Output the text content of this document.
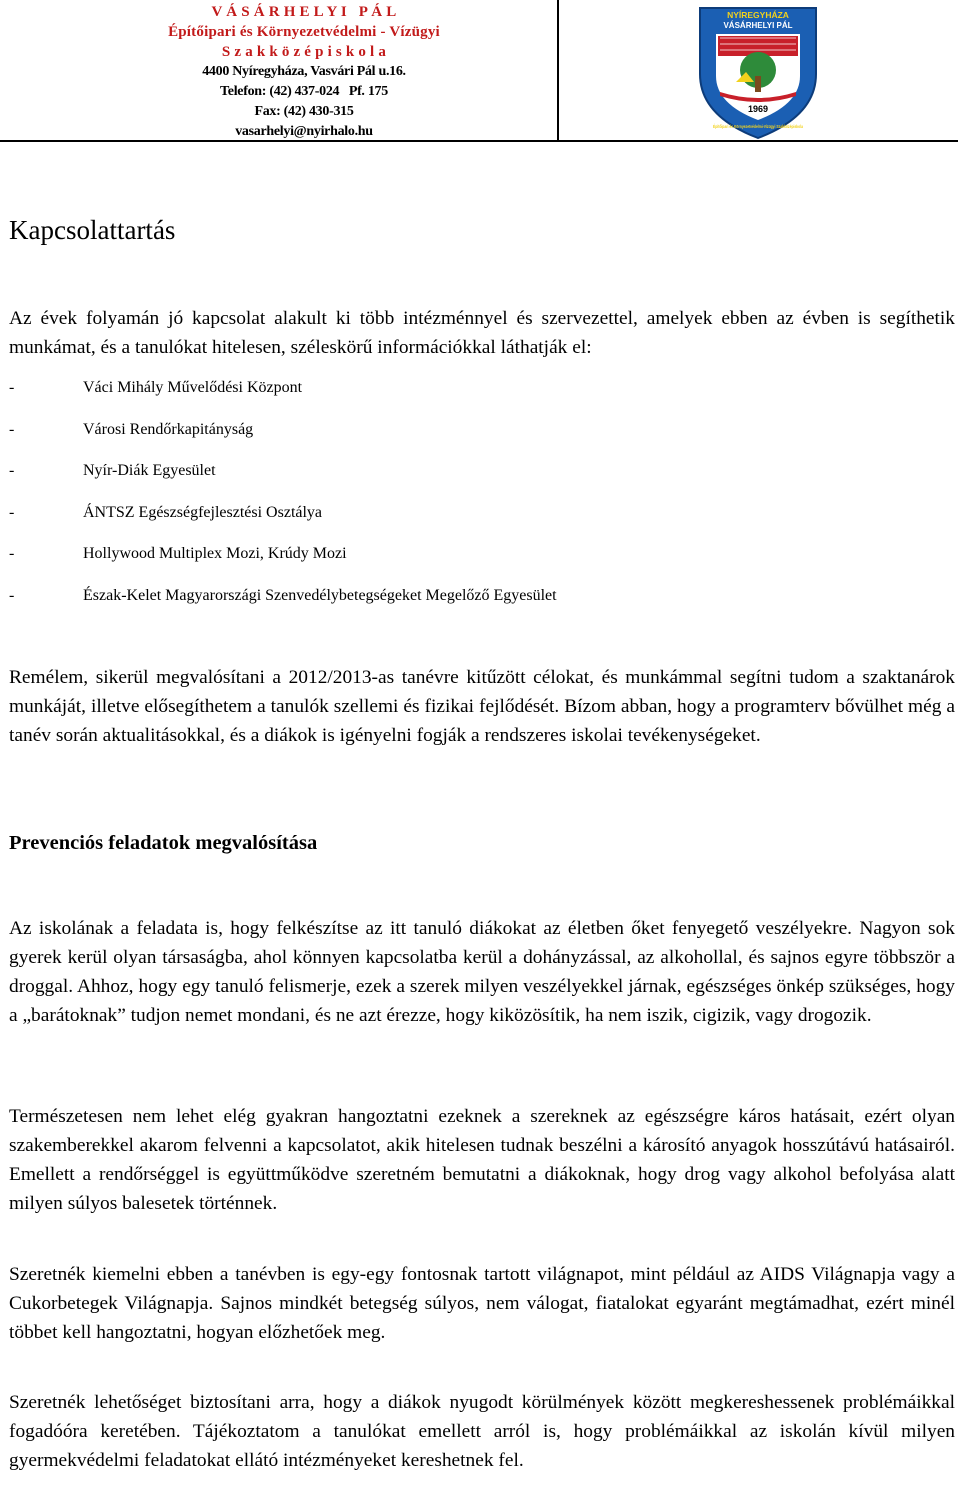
V Á S Á R H E L Y I   P Á L
Építőipari és Környezetvédelmi - Vízügyi
S z a k k ö z é p i s k o l a
4400 Nyíregyháza, Vasvári Pál u.16.
Telefon: (42) 437-024   Pf. 175
Fax: (42) 430-315
vasarhelyi@nyirhalo.hu
NYÍREGYHÁZA
VÁSÁRHELYI PÁL
1969
Építőipari és Környezetvédelmi-Vízügyi Szakközépiskola
Kapcsolattartás
Az évek folyamán jó kapcsolat alakult ki több intézménnyel és szervezettel, amelyek ebben az évben is segíthetik munkámat, és a tanulókat hitelesen, széleskörű információkkal láthatják el:
-	Váci Mihály Művelődési Központ
-	Városi Rendőrkapitányság
-	Nyír-Diák Egyesület
-	ÁNTSZ Egészségfejlesztési Osztálya
-	Hollywood Multiplex Mozi, Krúdy Mozi
-	Észak-Kelet Magyarországi Szenvedélybetegségeket Megelőző Egyesület
Remélem, sikerül megvalósítani a 2012/2013-as tanévre kitűzött célokat, és munkámmal segítni tudom a szaktanárok munkáját, illetve elősegíthetem a tanulók szellemi és fizikai fejlődését. Bízom abban, hogy a programterv bővülhet még a tanév során aktualitásokkal, és a diákok is igényelni fogják a rendszeres iskolai tevékenységeket.
Prevenciós feladatok megvalósítása
Az iskolának a feladata is, hogy felkészítse az itt tanuló diákokat az életben őket fenyegető veszélyekre. Nagyon sok gyerek kerül olyan társaságba, ahol könnyen kapcsolatba kerül a dohányzással, az alkohollal, és sajnos egyre többször a droggal. Ahhoz, hogy egy tanuló felismerje, ezek a szerek milyen veszélyekkel járnak, egészséges önkép szükséges, hogy a „barátoknak” tudjon nemet mondani, és ne azt érezze, hogy kiközösítik, ha nem iszik, cigizik, vagy drogozik.
Természetesen nem lehet elég gyakran hangoztatni ezeknek a szereknek az egészségre káros hatásait, ezért olyan szakemberekkel akarom felvenni a kapcsolatot, akik hitelesen tudnak beszélni a károsító anyagok hosszútávú hatásairól. Emellett a rendőrséggel is együttműködve szeretném bemutatni a diákoknak, hogy drog vagy alkohol befolyása alatt milyen súlyos balesetek történnek.
Szeretnék kiemelni ebben a tanévben is egy-egy fontosnak tartott világnapot, mint például az AIDS Világnapja vagy a Cukorbetegek Világnapja. Sajnos mindkét betegség súlyos, nem válogat, fiatalokat egyaránt megtámadhat, ezért minél többet kell hangoztatni, hogyan előzhetőek meg.
Szeretnék lehetőséget biztosítani arra, hogy a diákok nyugodt körülmények között megkereshessenek problémáikkal fogadóóra keretében. Tájékoztatom a tanulókat emellett arról is, hogy problémáikkal az iskolán kívül milyen gyermekvédelmi feladatokat ellátó intézményeket kereshetnek fel.
